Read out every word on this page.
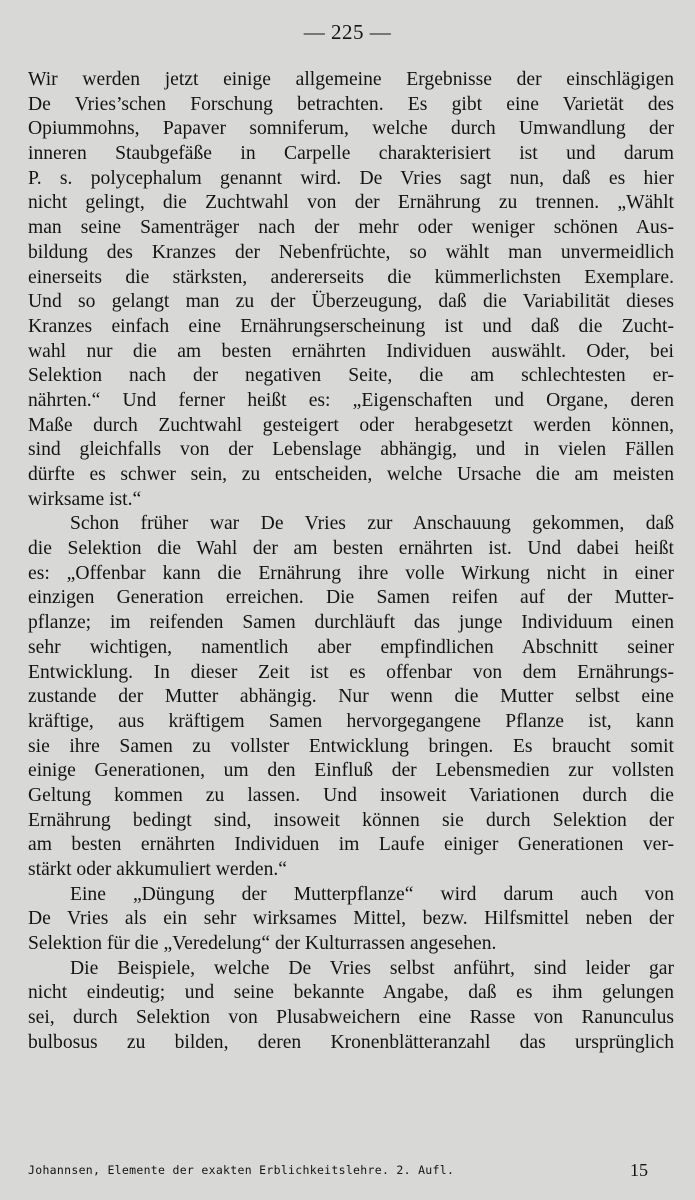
— 225 —
Wir werden jetzt einige allgemeine Ergebnisse der einschlägigen
De Vries’schen Forschung betrachten. Es gibt eine Varietät des
Opiummohns, Papaver somniferum, welche durch Umwandlung der
inneren Staubgefäße in Carpelle charakterisiert ist und darum
P. s. polycephalum genannt wird. De Vries sagt nun, daß es hier
nicht gelingt, die Zuchtwahl von der Ernährung zu trennen. „Wählt
man seine Samenträger nach der mehr oder weniger schönen Aus-
bildung des Kranzes der Nebenfrüchte, so wählt man unvermeidlich
einerseits die stärksten, andererseits die kümmerlichsten Exemplare.
Und so gelangt man zu der Überzeugung, daß die Variabilität dieses
Kranzes einfach eine Ernährungserscheinung ist und daß die Zucht-
wahl nur die am besten ernährten Individuen auswählt. Oder, bei
Selektion nach der negativen Seite, die am schlechtesten er-
nährten.“ Und ferner heißt es: „Eigenschaften und Organe, deren
Maße durch Zuchtwahl gesteigert oder herabgesetzt werden können,
sind gleichfalls von der Lebenslage abhängig, und in vielen Fällen
dürfte es schwer sein, zu entscheiden, welche Ursache die am meisten
wirksame ist.“
Schon früher war De Vries zur Anschauung gekommen, daß
die Selektion die Wahl der am besten ernährten ist. Und dabei heißt
es: „Offenbar kann die Ernährung ihre volle Wirkung nicht in einer
einzigen Generation erreichen. Die Samen reifen auf der Mutter-
pflanze; im reifenden Samen durchläuft das junge Individuum einen
sehr wichtigen, namentlich aber empfindlichen Abschnitt seiner
Entwicklung. In dieser Zeit ist es offenbar von dem Ernährungs-
zustande der Mutter abhängig. Nur wenn die Mutter selbst eine
kräftige, aus kräftigem Samen hervorgegangene Pflanze ist, kann
sie ihre Samen zu vollster Entwicklung bringen. Es braucht somit
einige Generationen, um den Einfluß der Lebensmedien zur vollsten
Geltung kommen zu lassen. Und insoweit Variationen durch die
Ernährung bedingt sind, insoweit können sie durch Selektion der
am besten ernährten Individuen im Laufe einiger Generationen ver-
stärkt oder akkumuliert werden.“
Eine „Düngung der Mutterpflanze“ wird darum auch von
De Vries als ein sehr wirksames Mittel, bezw. Hilfsmittel neben der
Selektion für die „Veredelung“ der Kulturrassen angesehen.
Die Beispiele, welche De Vries selbst anführt, sind leider gar
nicht eindeutig; und seine bekannte Angabe, daß es ihm gelungen
sei, durch Selektion von Plusabweichern eine Rasse von Ranunculus
bulbosus zu bilden, deren Kronenblätteranzahl das ursprünglich
Johannsen, Elemente der exakten Erblichkeitslehre. 2. Aufl.	15
